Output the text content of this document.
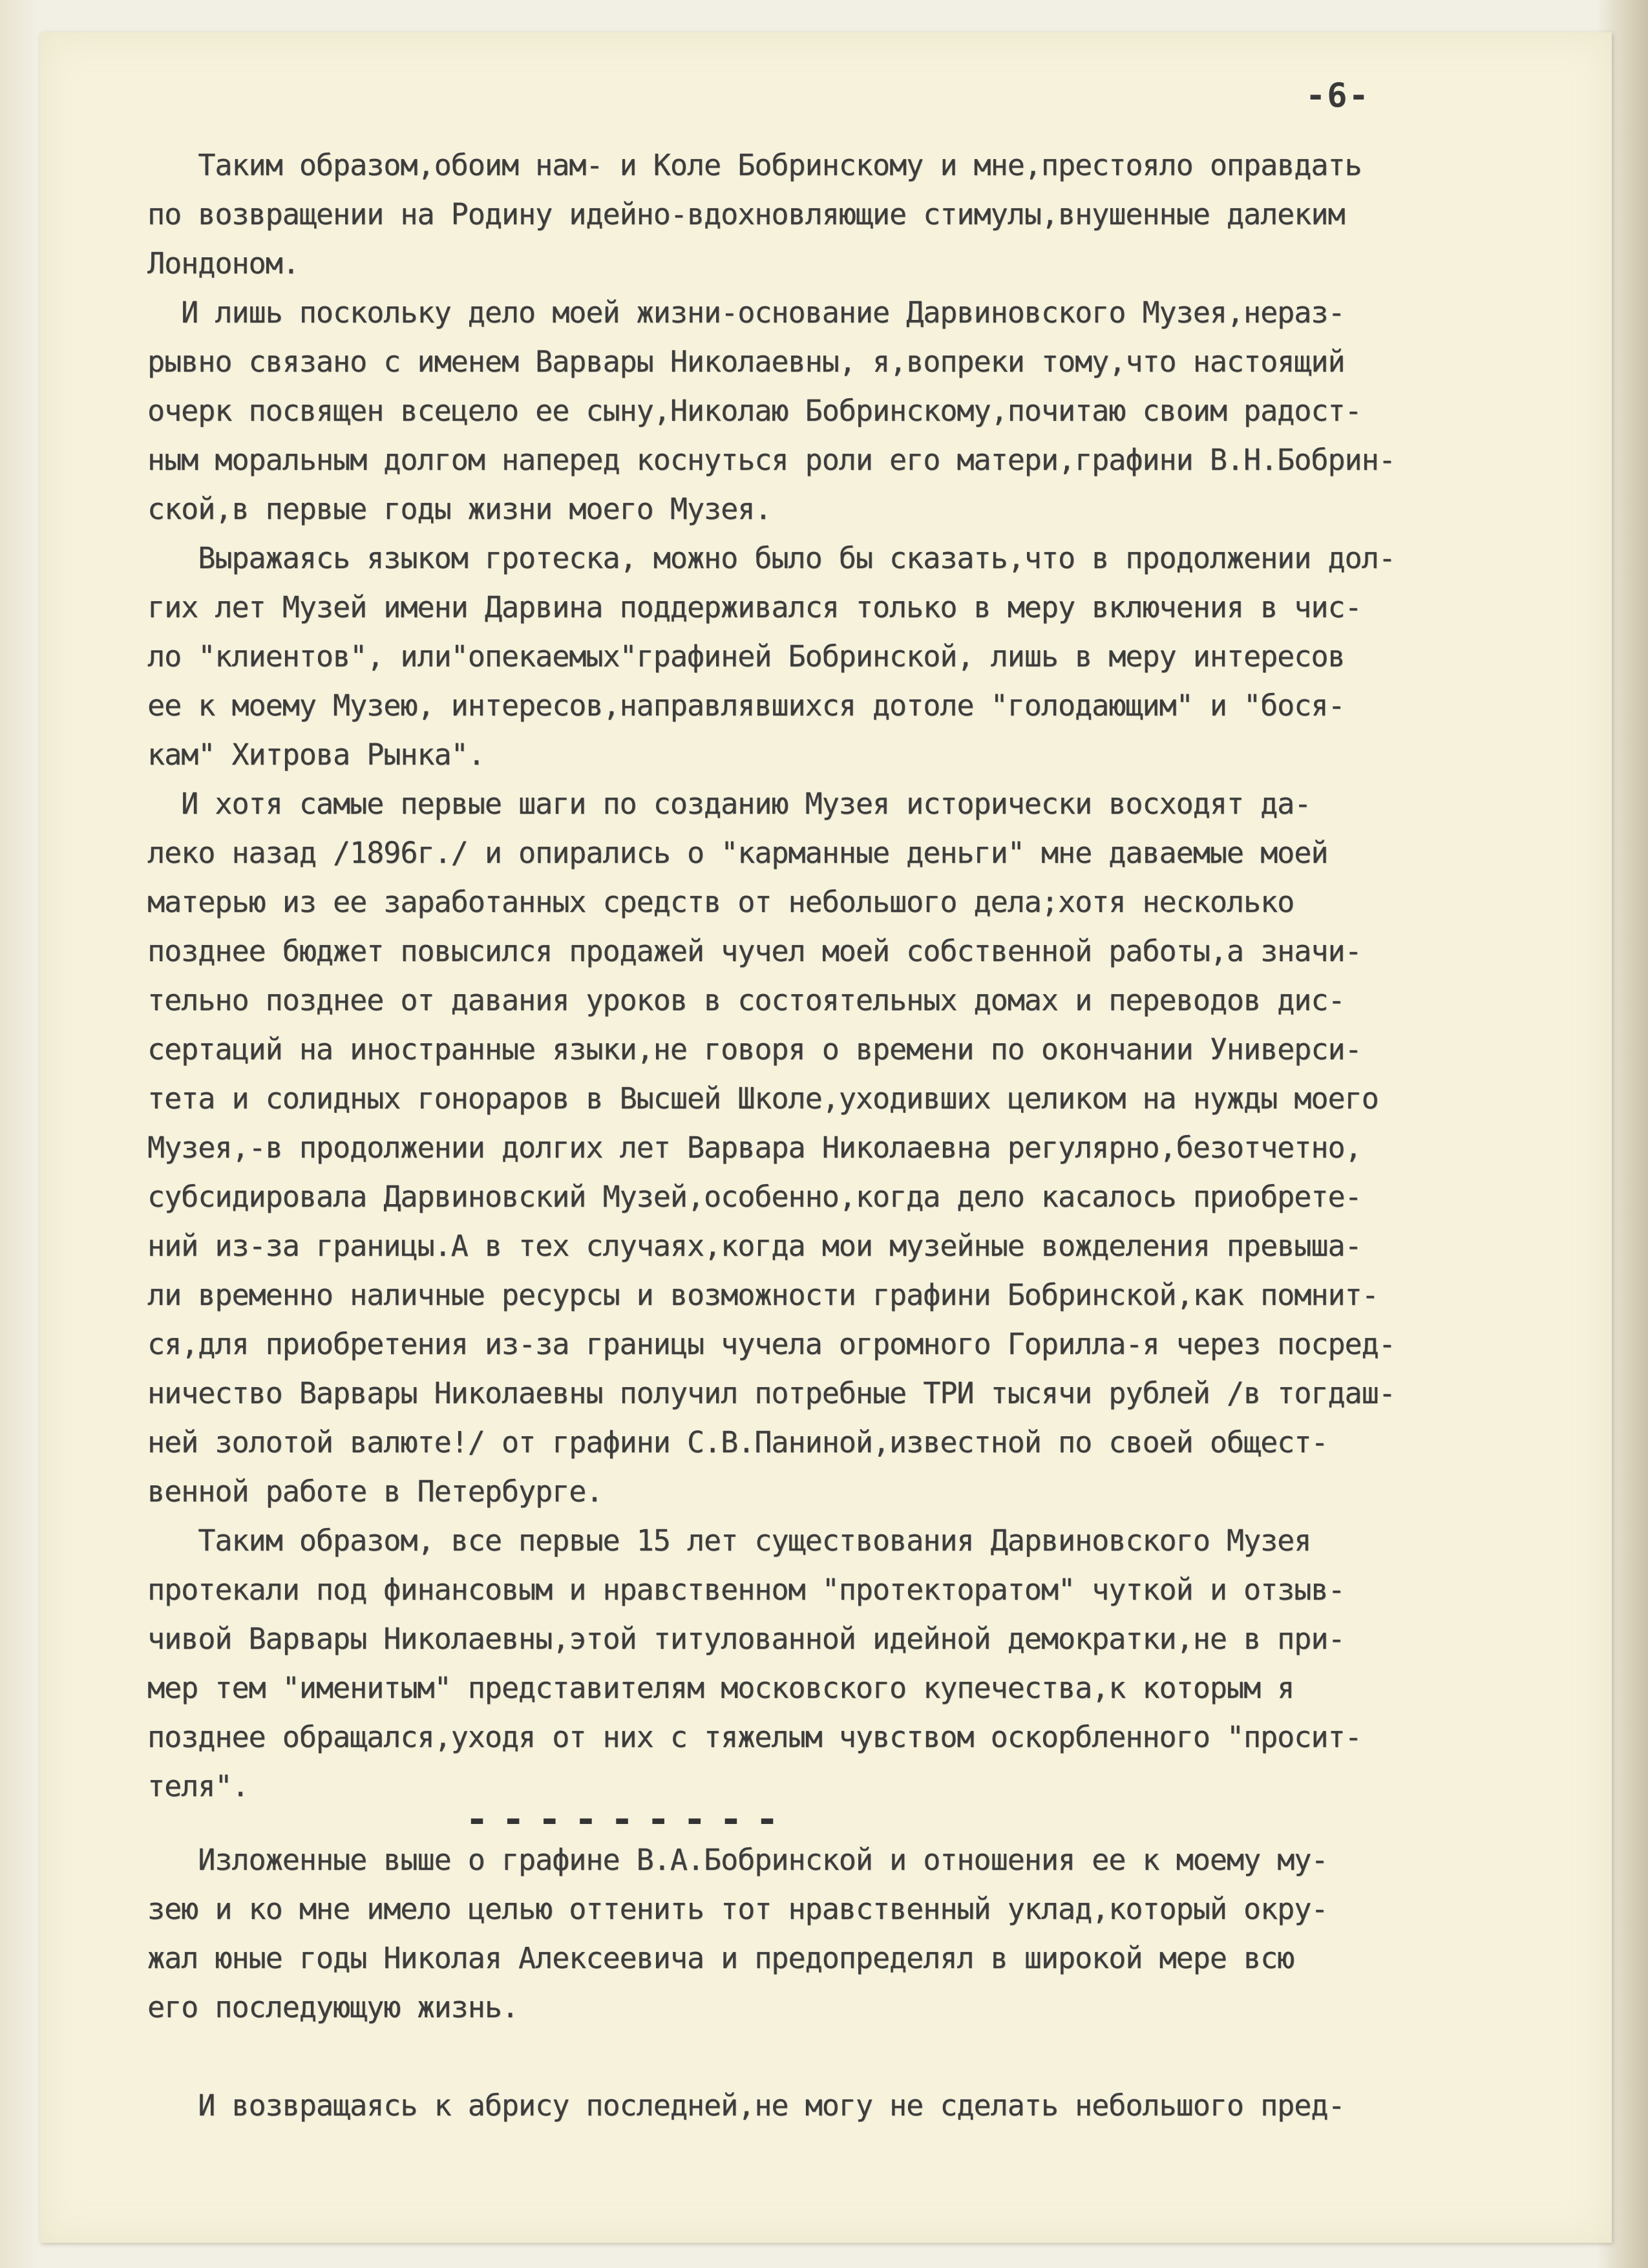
-6-
Таким образом,обоим нам- и Коле Бобринскому и мне,престояло оправдать
по возвращении на Родину идейно-вдохновляющие стимулы,внушенные далеким
Лондоном.
И лишь поскольку дело моей жизни-основание Дарвиновского Музея,нераз-
рывно связано с именем Варвары Николаевны, я,вопреки тому,что настоящий
очерк посвящен всецело ее сыну,Николаю Бобринскому,почитаю своим радост-
ным моральным долгом наперед коснуться роли его матери,графини В.Н.Бобрин-
ской,в первые годы жизни моего Музея.
Выражаясь языком гротеска, можно было бы сказать,что в продолжении дол-
гих лет Музей имени Дарвина поддерживался только в меру включения в чис-
ло "клиентов", или"опекаемых"графиней Бобринской, лишь в меру интересов
ее к моему Музею, интересов,направлявшихся дотоле "голодающим" и "бося-
кам" Хитрова Рынка".
И хотя самые первые шаги по созданию Музея исторически восходят да-
леко назад /1896г./ и опирались о "карманные деньги" мне даваемые моей
матерью из ее заработанных средств от небольшого дела;хотя несколько
позднее бюджет повысился продажей чучел моей собственной работы,а значи-
тельно позднее от давания уроков в состоятельных домах и переводов дис-
сертаций на иностранные языки,не говоря о времени по окончании Универси-
тета и солидных гонораров в Высшей Школе,уходивших целиком на нужды моего
Музея,-в продолжении долгих лет Варвара Николаевна регулярно,безотчетно,
субсидировала Дарвиновский Музей,особенно,когда дело касалось приобрете-
ний из-за границы.А в тех случаях,когда мои музейные вожделения превыша-
ли временно наличные ресурсы и возможности графини Бобринской,как помнит-
ся,для приобретения из-за границы чучела огромного Горилла-я через посред-
ничество Варвары Николаевны получил потребные ТРИ тысячи рублей /в тогдаш-
ней золотой валюте!/ от графини С.В.Паниной,известной по своей общест-
венной работе в Петербурге.
Таким образом, все первые 15 лет существования Дарвиновского Музея
протекали под финансовым и нравственном "протекторатом" чуткой и отзыв-
чивой Варвары Николаевны,этой титулованной идейной демократки,не в при-
мер тем "именитым" представителям московского купечества,к которым я
позднее обращался,уходя от них с тяжелым чувством оскорбленного "просит-
теля".
---------
Изложенные выше о графине В.А.Бобринской и отношения ее к моему му-
зею и ко мне имело целью оттенить тот нравственный уклад,который окру-
жал юные годы Николая Алексеевича и предопределял в широкой мере всю
его последующую жизнь.
И возвращаясь к абрису последней,не могу не сделать небольшого пред-
